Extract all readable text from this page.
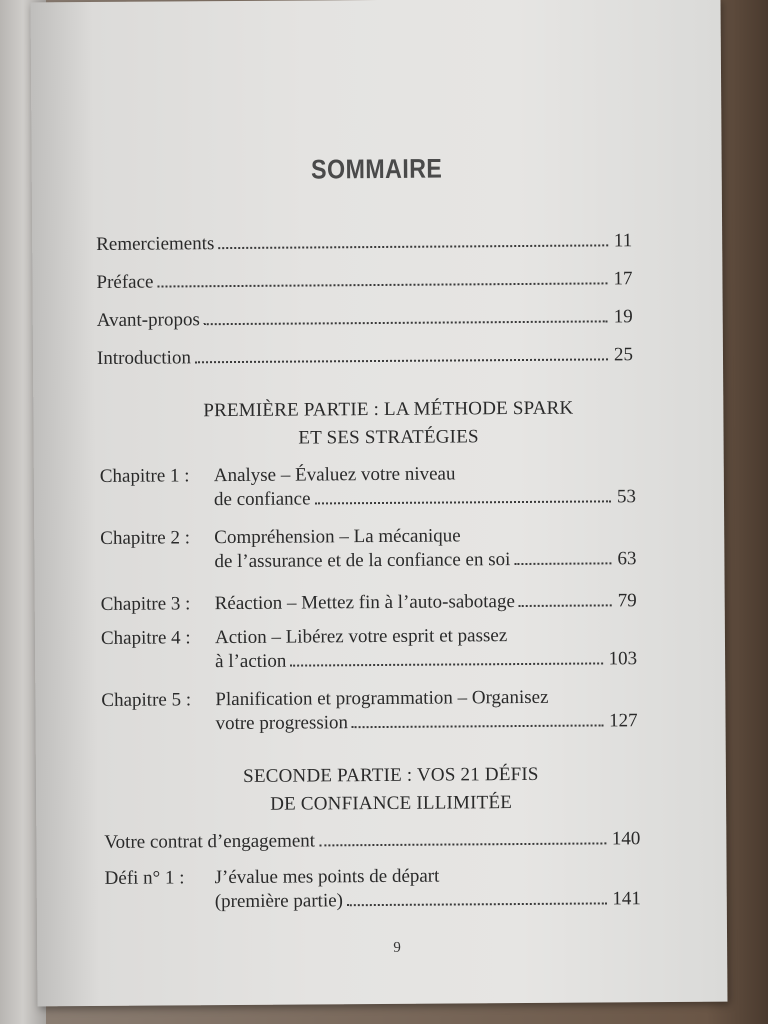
SOMMAIRE
Remerciements	11
Préface	17
Avant-propos	19
Introduction	25
PREMIÈRE PARTIE : LA MÉTHODE SPARK
ET SES STRATÉGIES
Chapitre 1 : Analyse – Évaluez votre niveau
de confiance	53
Chapitre 2 : Compréhension – La mécanique
de l’assurance et de la confiance en soi	63
Chapitre 3 : Réaction – Mettez fin à l’auto-sabotage	79
Chapitre 4 : Action – Libérez votre esprit et passez
à l’action	103
Chapitre 5 : Planification et programmation – Organisez
votre progression	127
SECONDE PARTIE : VOS 21 DÉFIS
DE CONFIANCE ILLIMITÉE
Votre contrat d’engagement	140
Défi n° 1 : J’évalue mes points de départ
(première partie)	141
9
